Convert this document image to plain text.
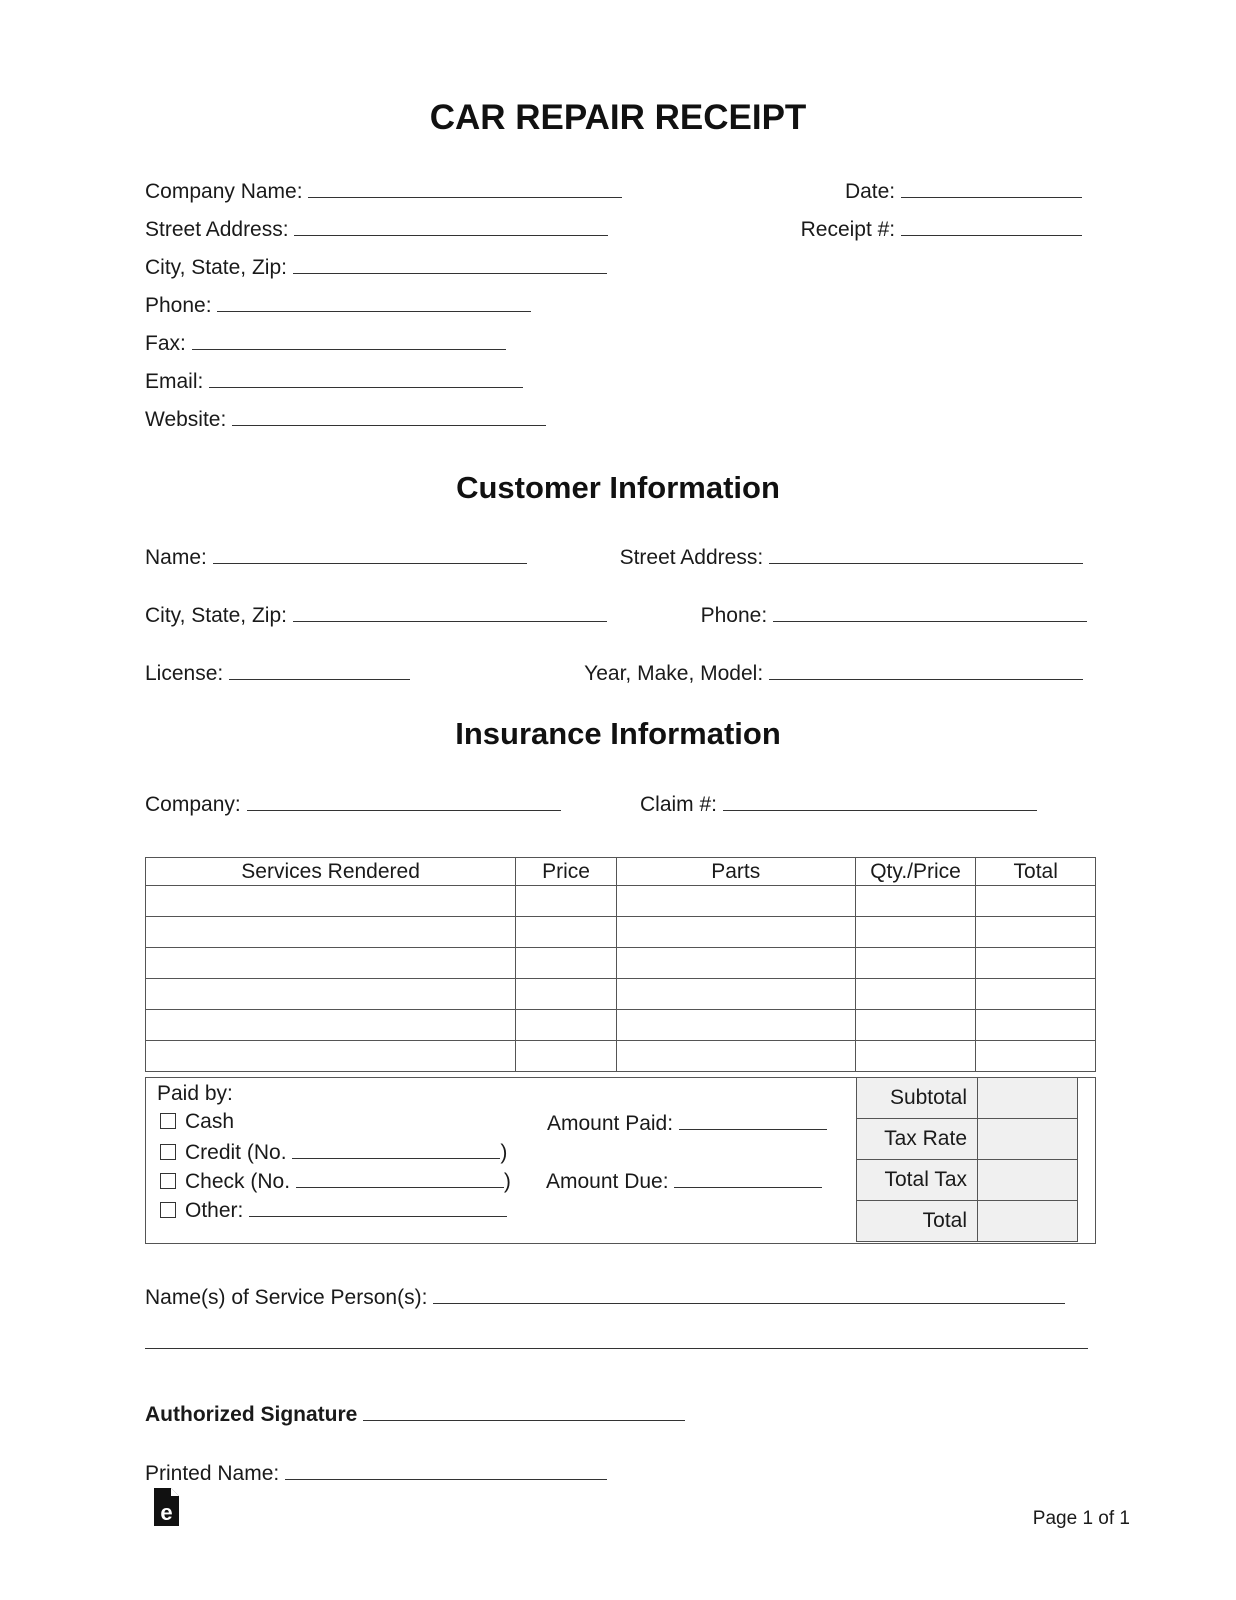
CAR REPAIR RECEIPT
Company Name:
Street Address:
City, State, Zip:
Phone:
Fax:
Email:
Website:
Date:
Receipt #:
Customer Information
Name:	Street Address:
City, State, Zip:	Phone:
License:	Year, Make, Model:
Insurance Information
Company:	Claim #:
Services Rendered	Price	Parts	Qty./Price	Total

Paid by:
Cash
Credit (No.	)
Check (No.	)
Other:
Amount Paid:
Amount Due:
Subtotal	
Tax Rate	
Total Tax	
Total	
Name(s) of Service Person(s):
Authorized Signature
Printed Name:
e	Page 1 of 1
